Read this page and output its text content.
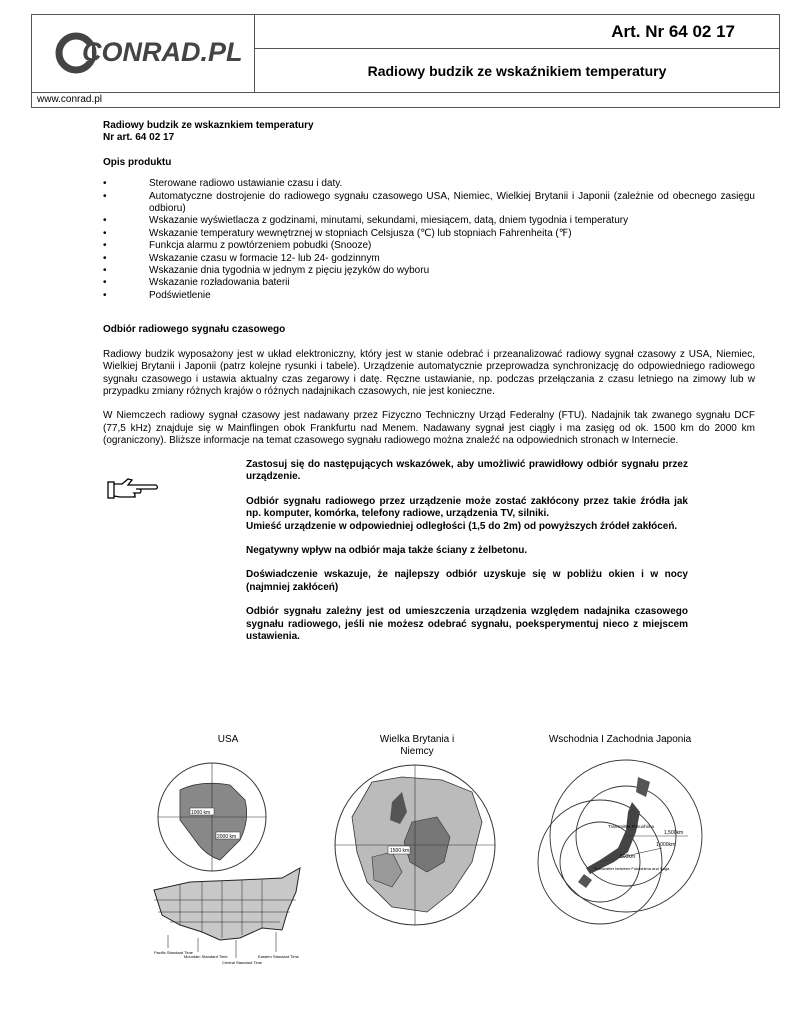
CONRAD.PL
Art. Nr 64 02 17
Radiowy budzik ze wskaźnikiem temperatury
www.conrad.pl
Radiowy budzik ze wskaznkiem temperatury
Nr art. 64 02 17
Opis produktu
•	Sterowane radiowo ustawianie czasu i daty.
•	Automatyczne dostrojenie do radiowego sygnału czasowego USA, Niemiec, Wielkiej Brytanii i Japonii (zależnie od obecnego zasięgu odbioru)
•	Wskazanie wyświetlacza z godzinami, minutami, sekundami, miesiącem, datą, dniem tygodnia i temperatury
•	Wskazanie temperatury wewnętrznej w stopniach Celsjusza (℃) lub stopniach Fahrenheita (℉)
•	Funkcja alarmu z powtórzeniem pobudki (Snooze)
•	Wskazanie czasu w formacie 12- lub 24- godzinnym
•	Wskazanie dnia tygodnia w jednym z pięciu języków do wyboru
•	Wskazanie rozładowania baterii
•	Podświetlenie
Odbiór radiowego sygnału czasowego
Radiowy budzik wyposażony jest w układ elektroniczny, który jest w stanie odebrać i przeanalizować radiowy sygnał czasowy z USA, Niemiec, Wielkiej Brytanii i Japonii (patrz kolejne rysunki i tabele). Urządzenie automatycznie przeprowadza synchronizację do odpowiedniego radiowego sygnału czasowego i ustawia aktualny czas zegarowy i datę. Ręczne ustawianie, np. podczas przełączania z czasu letniego na zimowy lub w przypadku zmiany różnych krajów o różnych nadajnikach czasowych, nie jest konieczne.
W Niemczech radiowy sygnał czasowy jest nadawany przez Fizyczno Techniczny Urząd Federalny (FTU). Nadajnik tak zwanego sygnału DCF (77,5 kHz) znajduje się w Mainflingen obok Frankfurtu nad Menem. Nadawany sygnał jest ciągły i ma zasięg od ok. 1500 km do 2000 km (ograniczony). Bliższe informacje na temat czasowego sygnału radiowego można znaleźć na odpowiednich stronach w Internecie.

Zastosuj się do następujących wskazówek, aby umożliwić prawidłowy odbiór sygnału przez urządzenie.

Odbiór sygnału radiowego przez urządzenie może zostać zakłócony przez takie źródła jak np. komputer, komórka, telefony radiowe, urządzenia TV, silniki.

Umieść urządzenie w odpowiedniej odległości (1,5 do 2m) od powyższych źródeł zakłóceń.

Negatywny wpływ na odbiór maja także ściany z żelbetonu.

Doświadczenie wskazuje, że najlepszy odbiór uzyskuje się w pobliżu okien i w nocy (najmniej zakłóceń)

Odbiór sygnału zależny jest od umieszczenia urządzenia względem nadajnika czasowego sygnału radiowego, jeśli nie możesz odebrać sygnału, poeksperymentuj nieco z miejscem ustawienia.

USA	Wielka Brytania i
Niemcy
Wschodnia I Zachodnia Japonia
1000 km
2000 km
Pacific Standard Time
Mountain Standard Time
Central Standard Time
Eastern Standard Time
1500 km
1,500km
1,000km
500km
Transmitter Fukushima
Transmitter between Fukushima and Saga
